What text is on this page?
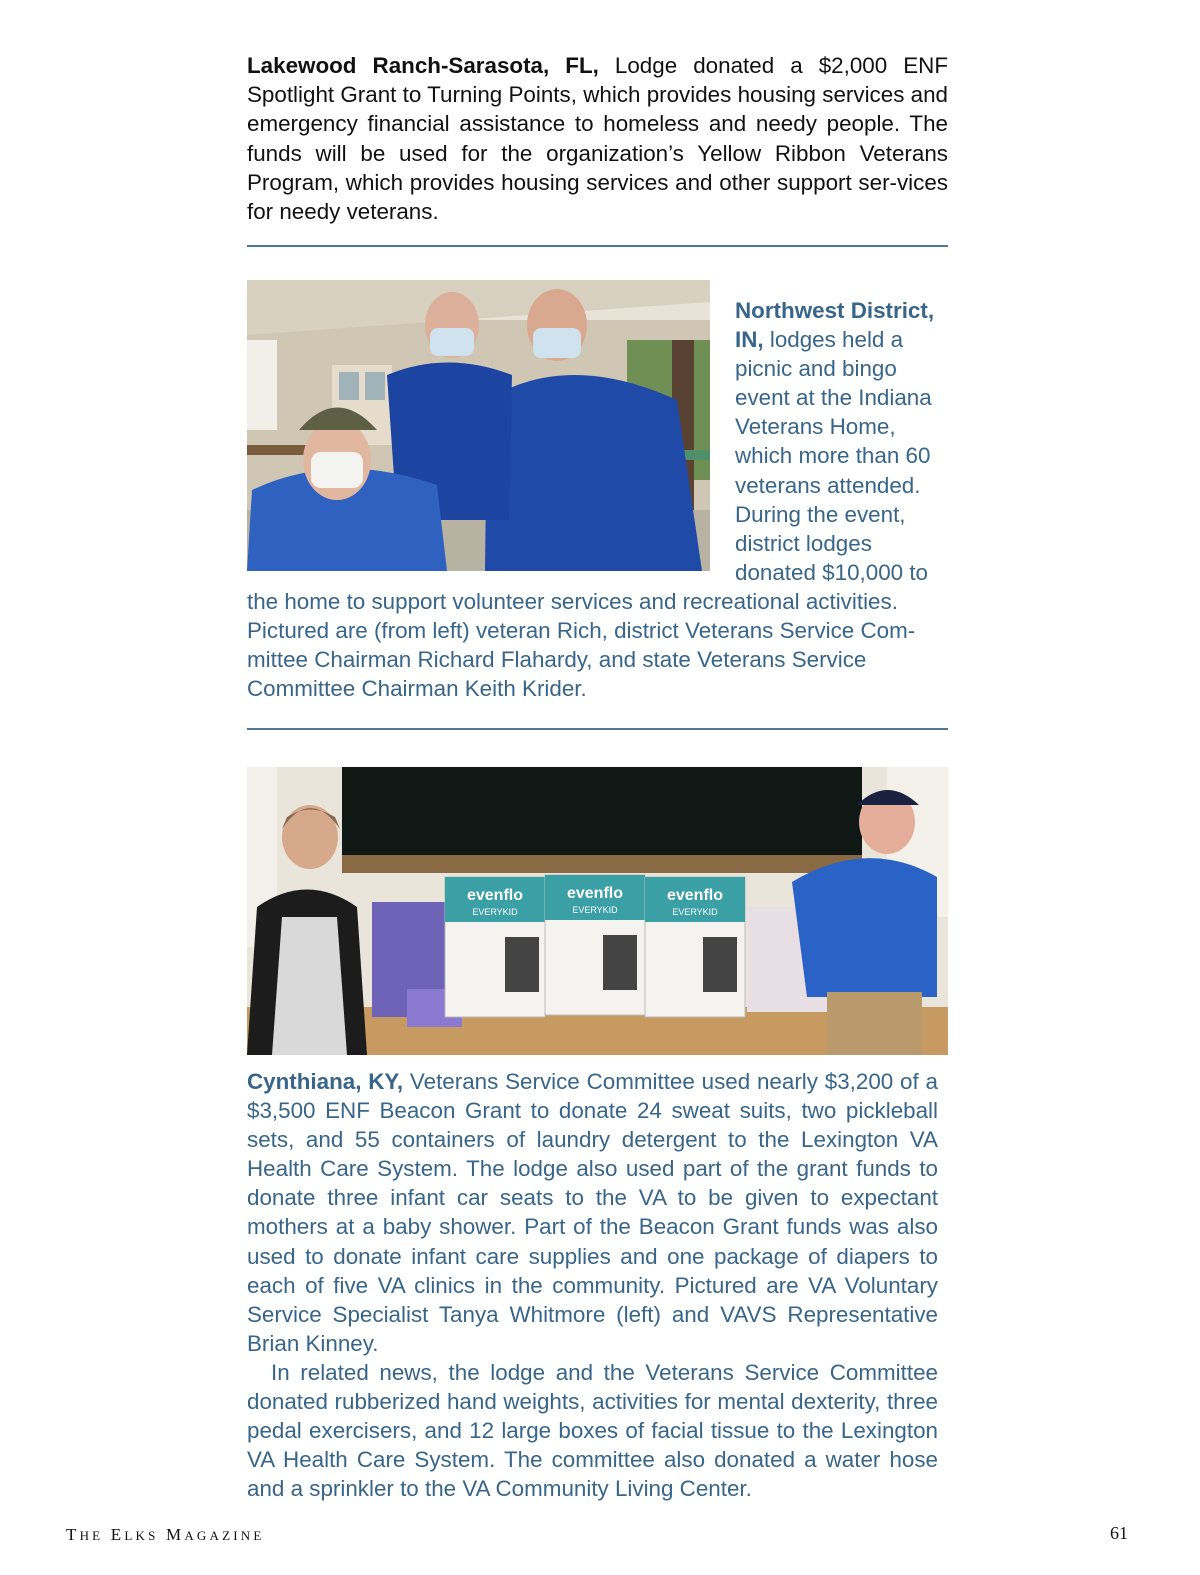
Lakewood Ranch-Sarasota, FL, Lodge donated a $2,000 ENF Spotlight Grant to Turning Points, which provides housing services and emergency financial assistance to homeless and needy people. The funds will be used for the organization’s Yellow Ribbon Veterans Program, which provides housing services and other support ser-vices for needy veterans.

Northwest District, IN, lodges held a picnic and bingo event at the Indiana Veterans Home, which more than 60 veterans attended. During the event, district lodges donated $10,000 to the home to support volunteer services and recreational activities. Pictured are (from left) veteran Rich, district Veterans Service Com-mittee Chairman Richard Flahardy, and state Veterans Service Committee Chairman Keith Krider.

evenflo
EVERYKID
evenflo
EVERYKID
evenflo
EVERYKID

Cynthiana, KY, Veterans Service Committee used nearly $3,200 of a $3,500 ENF Beacon Grant to donate 24 sweat suits, two pickleball sets, and 55 containers of laundry detergent to the Lexington VA Health Care System. The lodge also used part of the grant funds to donate three infant car seats to the VA to be given to expectant mothers at a baby shower. Part of the Beacon Grant funds was also used to donate infant care supplies and one package of diapers to each of five VA clinics in the community. Pictured are VA Voluntary Service Specialist Tanya Whitmore (left) and VAVS Representative Brian Kinney.

In related news, the lodge and the Veterans Service Committee donated rubberized hand weights, activities for mental dexterity, three pedal exercisers, and 12 large boxes of facial tissue to the Lexington VA Health Care System. The committee also donated a water hose and a sprinkler to the VA Community Living Center.

THE ELKS MAGAZINE	61
